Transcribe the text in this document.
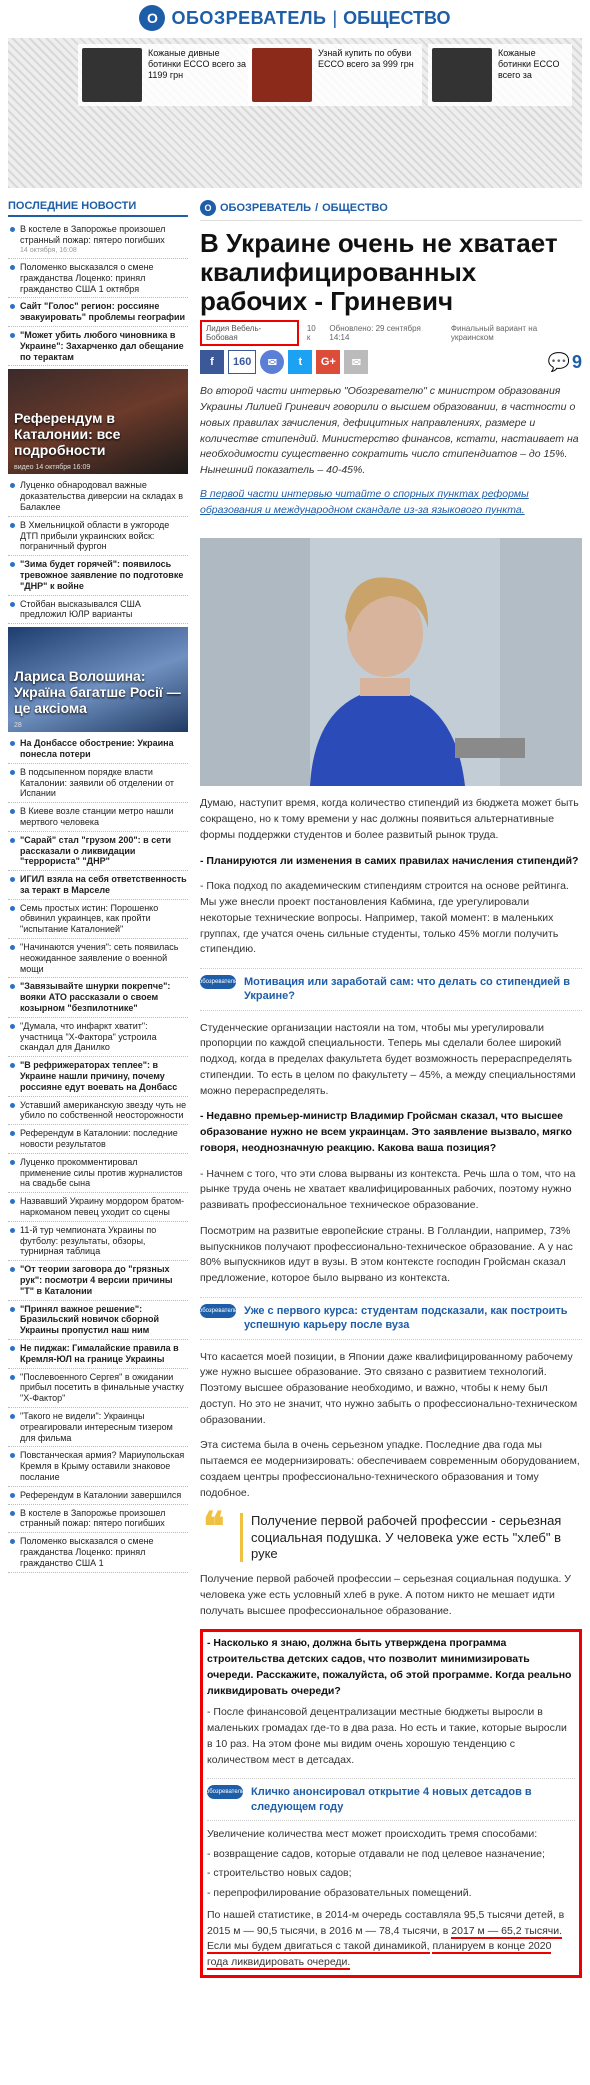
О ОБОЗРЕВАТЕЛЬ | ОБЩЕСТВО
Кожаные дивные ботинки ECCO всего за 1199 грн
Узнай купить по обуви ECCO всего за 999 грн
Кожаные ботинки ECCO всего за
ПОСЛЕДНИЕ НОВОСТИ
В костеле в Запорожье произошел странный пожар: пятеро погибших
14 октября, 16:08
Поломенко высказался о смене гражданства Лоценко: принял гражданство США 1 октября
Сайт "Голос" регион: россияне эвакуировать" проблемы географии
"Может убить любого чиновника в Украине": Захарченко дал обещание по терактам
Референдум в Каталонии: все подробности
видео 14 октября 16:09
Луценко обнародовал важные доказательства диверсии на складах в Балаклее
В Хмельницкой области в ужгороде ДТП прибыли украинских войск: пограничный фургон
"Зима будет горячей": появилось тревожное заявление по подготовке "ДНР" к войне
Стойбан высказывался США предложил ЮЛР варианты
Лариса Волошина: Україна багатше Росії — це аксіома
28
На Донбассе обострение: Украина понесла потери
В подсыпенном порядке власти Каталонии: заявили об отделении от Испании
В Киеве возле станции метро нашли мертвого человека
"Сарай" стал "грузом 200": в сети рассказали о ликвидации "террориста" "ДНР"
ИГИЛ взяла на себя ответственность за теракт в Марселе
Семь простых истин: Порошенко обвинил украинцев, как пройти "испытание Каталонией"
"Начинаются учения": сеть появилась неожиданное заявление о военной мощи
"Завязывайте шнурки покрепче": вояки АТО рассказали о своем козырном "безпилотнике"
"Думала, что инфаркт хватит": участница "Х-Фактора" устроила скандал для Данилко
"В рефрижераторах теплее": в Украине нашли причину, почему россияне едут воевать на Донбасс
Уставший американскую звезду чуть не убило по собственной неосторожности
Референдум в Каталонии: последние новости результатов
Луценко прокомментировал применение силы против журналистов на свадьбе сына
Назвавший Украину мордором братом-наркоманом певец уходит со сцены
11-й тур чемпионата Украины по футболу: результаты, обзоры, турнирная таблица
"От теории заговора до "грязных рук": посмотри 4 версии причины "Т" в Каталонии
"Принял важное решение": Бразильский новичок сборной Украины пропустил наш ним
Не пиджак: Гималайские правила в Кремля-ЮЛ на границе Украины
"Послевоенного Сергея" в ожидании прибыл посетить в финальные участку "Х-Фактор"
"Такого не видели": Украинцы отреагировали интересным тизером для фильма
Повстанческая армия? Мариупольская Кремля в Крыму оставили знаковое послание
Референдум в Каталонии завершился
В костеле в Запорожье произошел странный пожар: пятеро погибших
Поломенко высказался о смене гражданства Лоценко: принял гражданство США 1
О ОБОЗРЕВАТЕЛЬ / ОБЩЕСТВО
В Украине очень не хватает квалифицированных рабочих - Гриневич
Лидия Вебель-Бобовая
10 к
Обновлено: 29 сентября 14:14
Финальный вариант на украинском
f	160	✉	t	G+	✉	💬 9

Во второй части интервью "Обозревателю" с министром образования Украины Лилией Гриневич говорили о высшем образовании, в частности о новых правилах зачисления, дефицитных направлениях, размере и количестве стипендий. Министерство финансов, кстати, настаивает на необходимости существенно сократить число стипендиатов – до 15%. Нынешний показатель – 40-45%.

В первой части интервью читайте о спорных пунктах реформы образования и международном скандале из-за языкового пункта.

Думаю, наступит время, когда количество стипендий из бюджета может быть сокращено, но к тому времени у нас должны появиться альтернативные формы поддержки студентов и более развитый рынок труда.

- Планируются ли изменения в самих правилах начисления стипендий?

- Пока подход по академическим стипендиям строится на основе рейтинга. Мы уже внесли проект постановления Кабмина, где урегулировали некоторые технические вопросы. Например, такой момент: в маленьких группах, где учатся очень сильные студенты, только 45% могли получить стипендию.

обозреватель Мотивация или заработай сам: что делать со стипендией в Украине?

Студенческие организации настояли на том, чтобы мы урегулировали пропорции по каждой специальности. Теперь мы сделали более широкий подход, когда в пределах факультета будет возможность перераспределять стипендии. То есть в целом по факультету – 45%, а между специальностями можно перераспределять.

- Недавно премьер-министр Владимир Гройсман сказал, что высшее образование нужно не всем украинцам. Это заявление вызвало, мягко говоря, неоднозначную реакцию. Какова ваша позиция?

- Начнем с того, что эти слова вырваны из контекста. Речь шла о том, что на рынке труда очень не хватает квалифицированных рабочих, поэтому нужно развивать профессиональное техническое образование.

Посмотрим на развитые европейские страны. В Голландии, например, 73% выпускников получают профессионально-техническое образование. А у нас 80% выпускников идут в вузы. В этом контексте господин Гройсман сказал предложение, которое было вырвано из контекста.

обозреватель Уже с первого курса: студентам подсказали, как построить успешную карьеру после вуза

Что касается моей позиции, в Японии даже квалифицированному рабочему уже нужно высшее образование. Это связано с развитием технологий. Поэтому высшее образование необходимо, и важно, чтобы к нему был доступ. Но это не значит, что нужно забыть о профессионально-техническом образовании.

Эта система была в очень серьезном упадке. Последние два года мы пытаемся ее модернизировать: обеспечиваем современным оборудованием, создаем центры профессионально-технического образования и тому подобное.

❝	Получение первой рабочей профессии - серьезная социальная подушка. У человека уже есть "хлеб" в руке

Получение первой рабочей профессии – серьезная социальная подушка. У человека уже есть условный хлеб в руке. А потом никто не мешает идти получать высшее профессиональное образование.

- Насколько я знаю, должна быть утверждена программа строительства детских садов, что позволит минимизировать очереди. Расскажите, пожалуйста, об этой программе. Когда реально ликвидировать очереди?

- После финансовой децентрализации местные бюджеты выросли в маленьких громадах где-то в два раза. Но есть и такие, которые выросли в 10 раз. На этом фоне мы видим очень хорошую тенденцию с количеством мест в детсадах.

обозреватель Кличко анонсировал открытие 4 новых детсадов в следующем году

Увеличение количества мест может происходить тремя способами:

- возвращение садов, которые отдавали не под целевое назначение;

- строительство новых садов;

- перепрофилирование образовательных помещений.

По нашей статистике, в 2014-м очередь составляла 95,5 тысячи детей, в 2015 м — 90,5 тысячи, в 2016 м — 78,4 тысячи, в 2017 м — 65,2 тысячи. Если мы будем двигаться с такой динамикой, планируем в конце 2020 года ликвидировать очереди.
